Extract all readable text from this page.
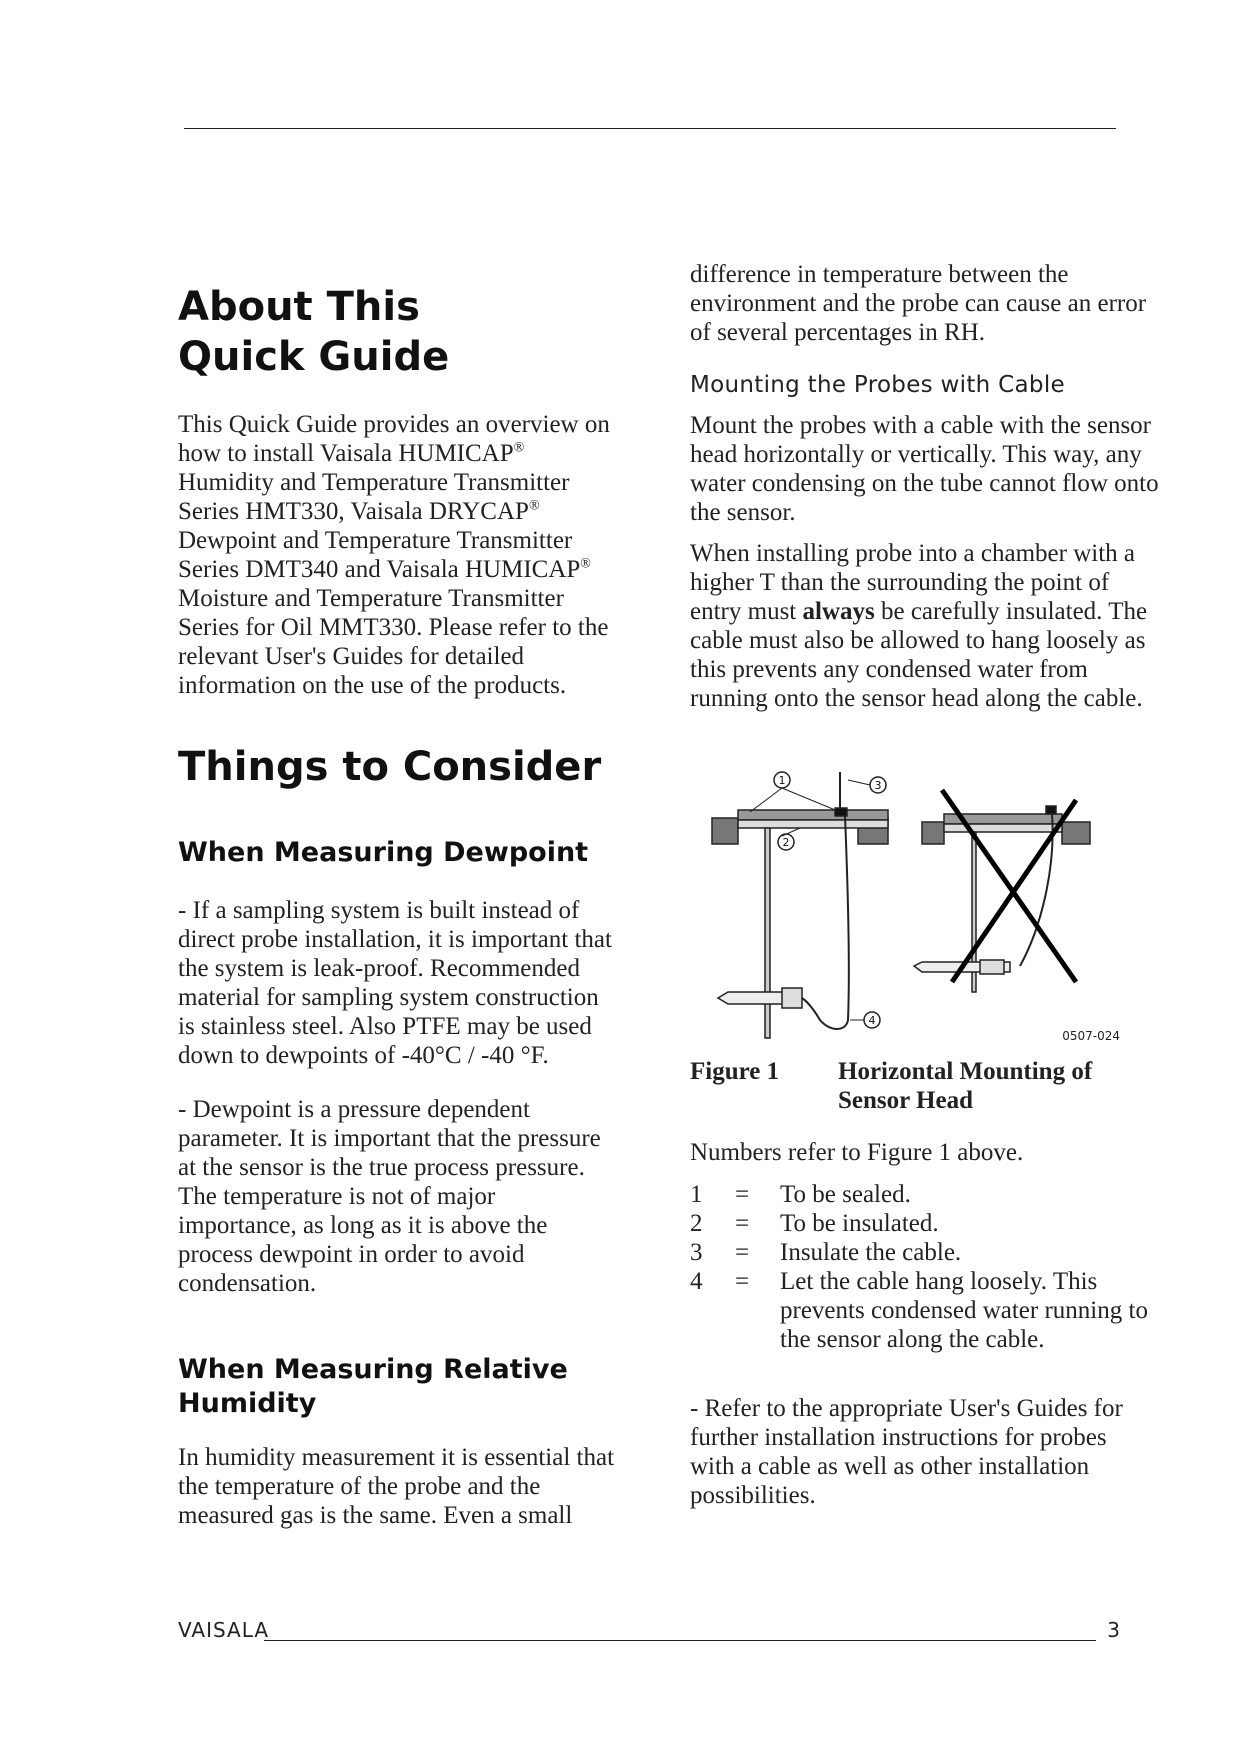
About This Quick Guide

This Quick Guide provides an overview on how to install Vaisala HUMICAP® Humidity and Temperature Transmitter Series HMT330, Vaisala DRYCAP® Dewpoint and Temperature Transmitter Series DMT340 and Vaisala HUMICAP® Moisture and Temperature Transmitter Series for Oil MMT330. Please refer to the relevant User's Guides for detailed information on the use of the products.

Things to Consider
When Measuring Dewpoint

- If a sampling system is built instead of direct probe installation, it is important that the system is leak-proof. Recommended material for sampling system construction is stainless steel. Also PTFE may be used down to dewpoints of -40°C / -40 °F.

- Dewpoint is a pressure dependent parameter. It is important that the pressure at the sensor is the true process pressure. The temperature is not of major importance, as long as it is above the process dewpoint in order to avoid condensation.

When Measuring Relative Humidity

In humidity measurement it is essential that the temperature of the probe and the measured gas is the same. Even a small

difference in temperature between the environment and the probe can cause an error of several percentages in RH.

Mounting the Probes with Cable

Mount the probes with a cable with the sensor head horizontally or vertically. This way, any water condensing on the tube cannot flow onto the sensor.

When installing probe into a chamber with a higher T than the surrounding the point of entry must always be carefully insulated. The cable must also be allowed to hang loosely as this prevents any condensed water from running onto the sensor head along the cable.

1
2
3
4
0507-024
Figure 1 Horizontal Mounting of Sensor Head

Numbers refer to Figure 1 above.

1 = To be sealed.
2 = To be insulated.
3 = Insulate the cable.
4 = Let the cable hang loosely. This prevents condensed water running to the sensor along the cable.

- Refer to the appropriate User's Guides for further installation instructions for probes with a cable as well as other installation possibilities.

VAISALA	3
